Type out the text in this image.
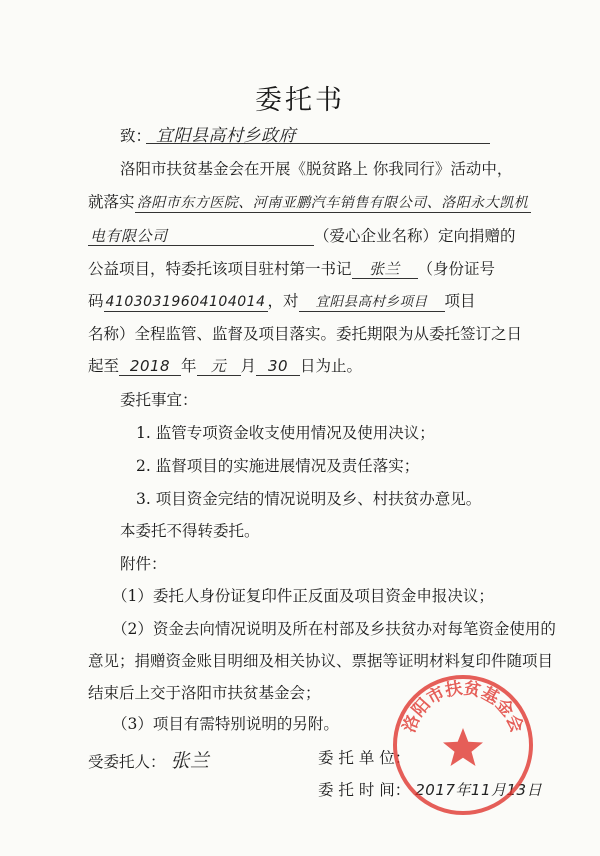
委托书
致： 宜阳县高村乡政府
洛阳市扶贫基金会在开展《脱贫路上 你我同行》活动中，
就落实 洛阳市东方医院、河南亚鹏汽车销售有限公司、洛阳永大凯机
电有限公司	（爱心企业名称）定向捐赠的
公益项目，特委托该项目驻村第一书记 张兰 （身份证号
码 41030319604104014 ，对 宜阳县高村乡项目 项目
名称）全程监管、监督及项目落实。委托期限为从委托签订之日
起至 2018 年 元 月 30 日为止。
委托事宜：
1. 监管专项资金收支使用情况及使用决议；
2. 监督项目的实施进展情况及责任落实；
3. 项目资金完结的情况说明及乡、村扶贫办意见。
本委托不得转委托。
附件：
（1）委托人身份证复印件正反面及项目资金申报决议；
（2）资金去向情况说明及所在村部及乡扶贫办对每笔资金使用的
意见；捐赠资金账目明细及相关协议、票据等证明材料复印件随项目
结束后上交于洛阳市扶贫基金会；
（3）项目有需特别说明的另附。
受委托人： 张兰	委 托 单 位：
委 托 时 间： 2017年11月13日
洛阳市扶贫基金会
